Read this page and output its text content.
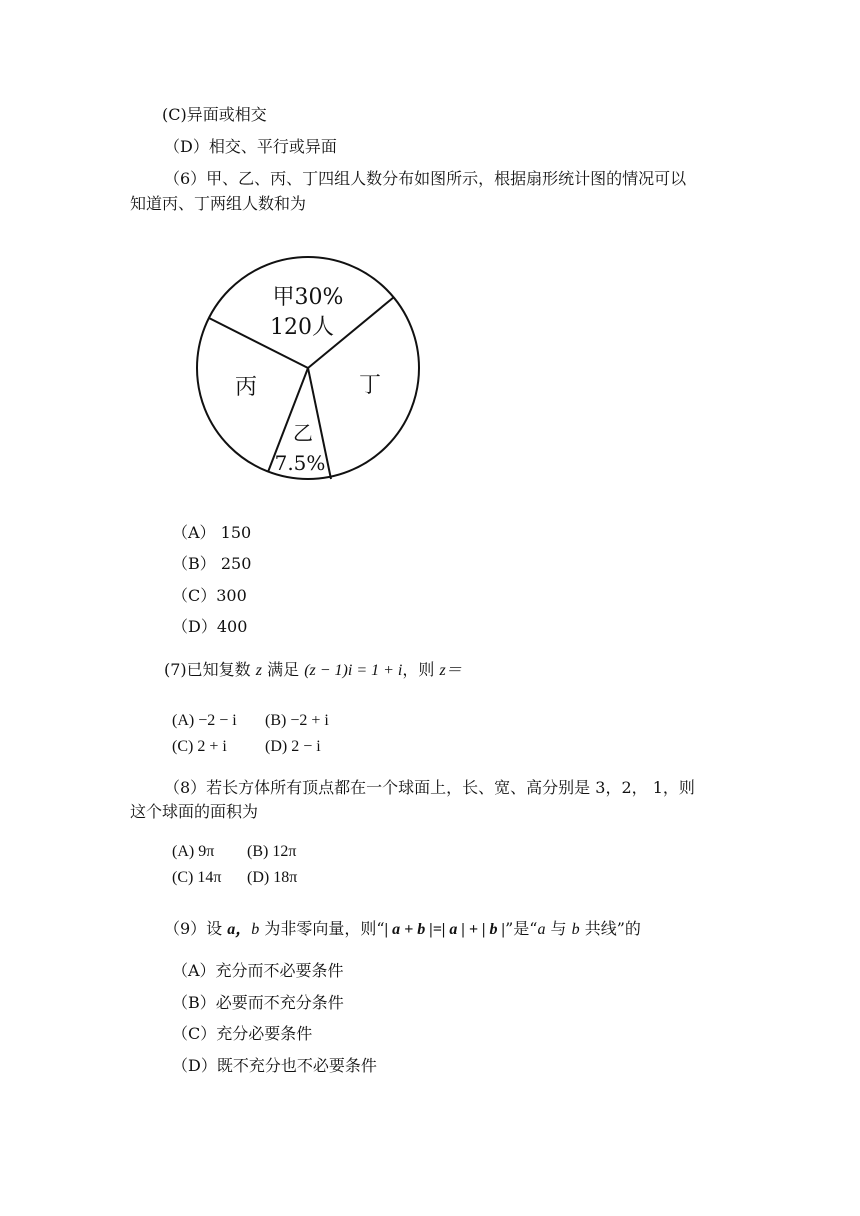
(C)异面或相交
（D）相交、平行或异面
（6）甲、乙、丙、丁四组人数分布如图所示，根据扇形统计图的情况可以
知道丙、丁两组人数和为
甲30%
120人
丁
乙
7.5%
丙
（A） 150
（B） 250
（C）300
（D）400
(7)已知复数 z 满足 (z − 1)i = 1 + i，则 z＝
(A) −2 − i (B) −2 + i
(C) 2 + i (D) 2 − i
（8）若长方体所有顶点都在一个球面上，长、宽、高分别是 3，2， 1，则
这个球面的面积为
(A) 9π (B) 12π
(C) 14π (D) 18π
（9）设 a，b 为非零向量，则“| a + b |=| a | + | b |”是“a 与 b 共线”的
（A）充分而不必要条件
（B）必要而不充分条件
（C）充分必要条件
（D）既不充分也不必要条件
